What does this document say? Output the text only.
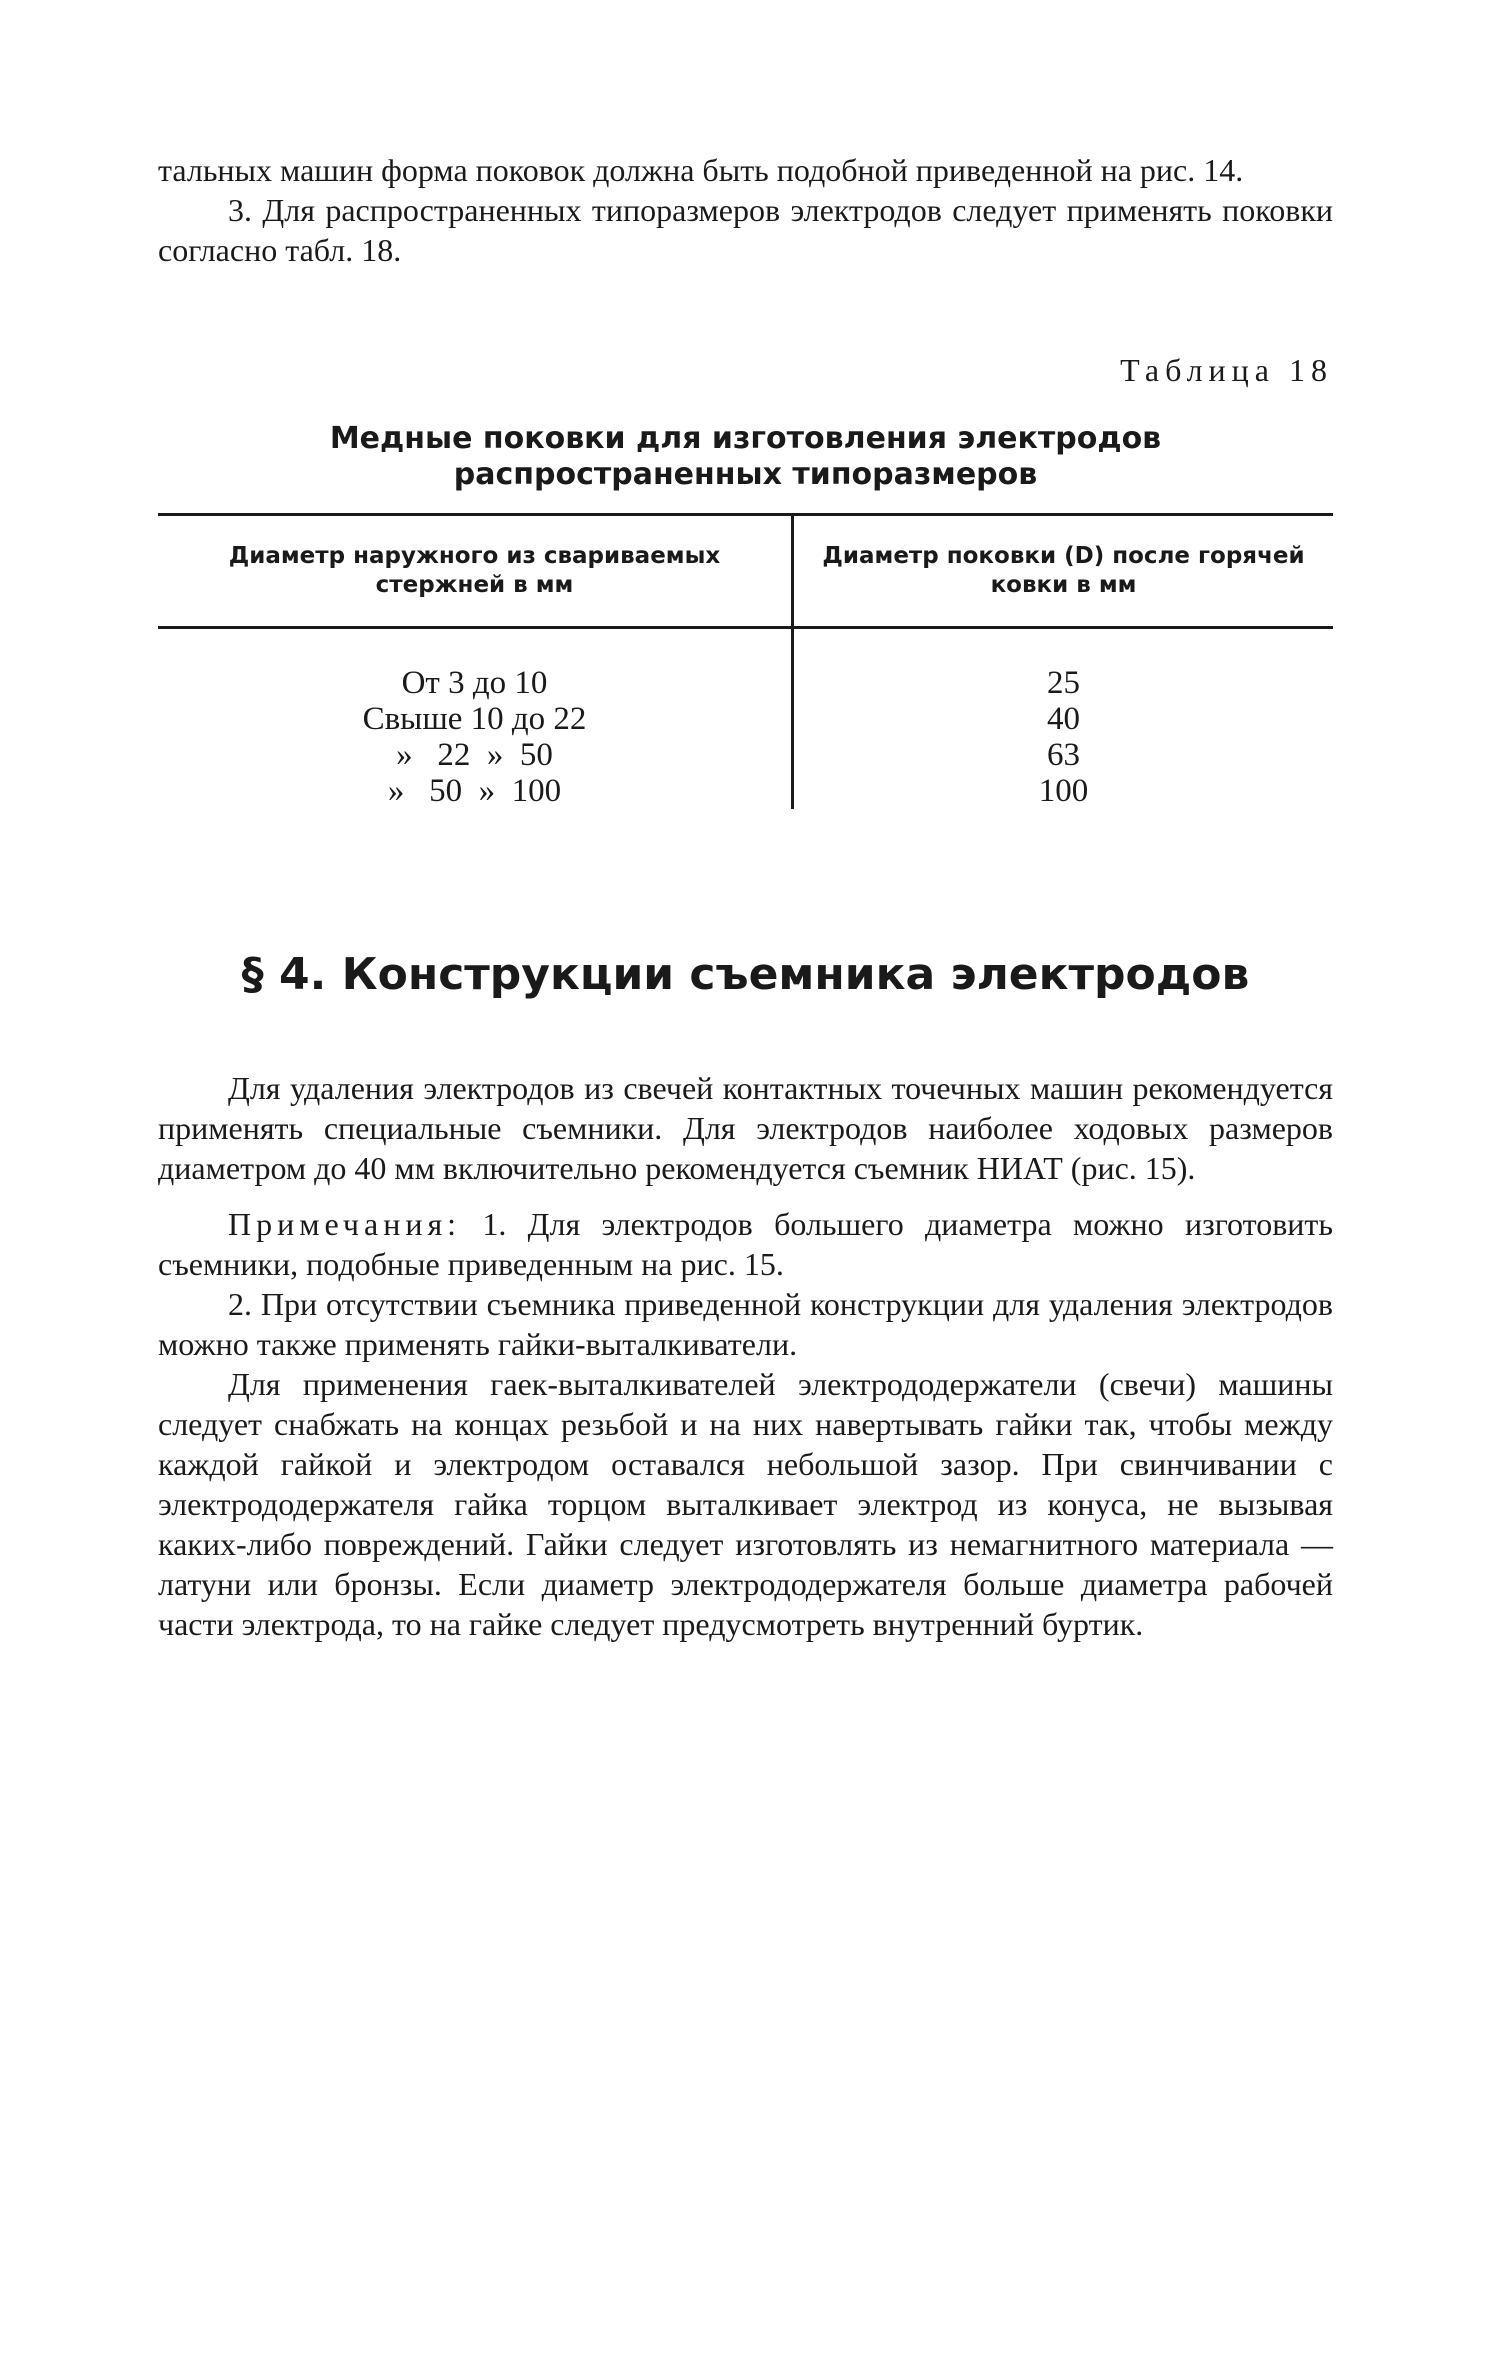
тальных машин форма поковок должна быть подобной приведенной на рис. 14.

3. Для распространенных типоразмеров электродов следует применять поковки согласно табл. 18.

Таблица 18
Медные поковки для изготовления электродов распространенных типоразмеров
Диаметр наружного из свариваемых стержней в мм	Диаметр поковки (D) после горячей ковки в мм
От 3 до 10	25
Свыше 10 до 22	40
»   22  »  50	63
»   50  »  100	100
§ 4. Конструкции съемника электродов

Для удаления электродов из свечей контактных точечных машин рекомендуется применять специальные съемники. Для электродов наиболее ходовых размеров диаметром до 40 мм включительно рекомендуется съемник НИАТ (рис. 15).

Примечания: 1. Для электродов большего диаметра можно изготовить съемники, подобные приведенным на рис. 15.

2. При отсутствии съемника приведенной конструкции для удаления электродов можно также применять гайки-выталкиватели.

Для применения гаек-выталкивателей электрододержатели (свечи) машины следует снабжать на концах резьбой и на них навертывать гайки так, чтобы между каждой гайкой и электродом оставался небольшой зазор. При свинчивании с электрододержателя гайка торцом выталкивает электрод из конуса, не вызывая каких-либо повреждений. Гайки следует изготовлять из немагнитного материала — латуни или бронзы. Если диаметр электрододержателя больше диаметра рабочей части электрода, то на гайке следует предусмотреть внутренний буртик.
